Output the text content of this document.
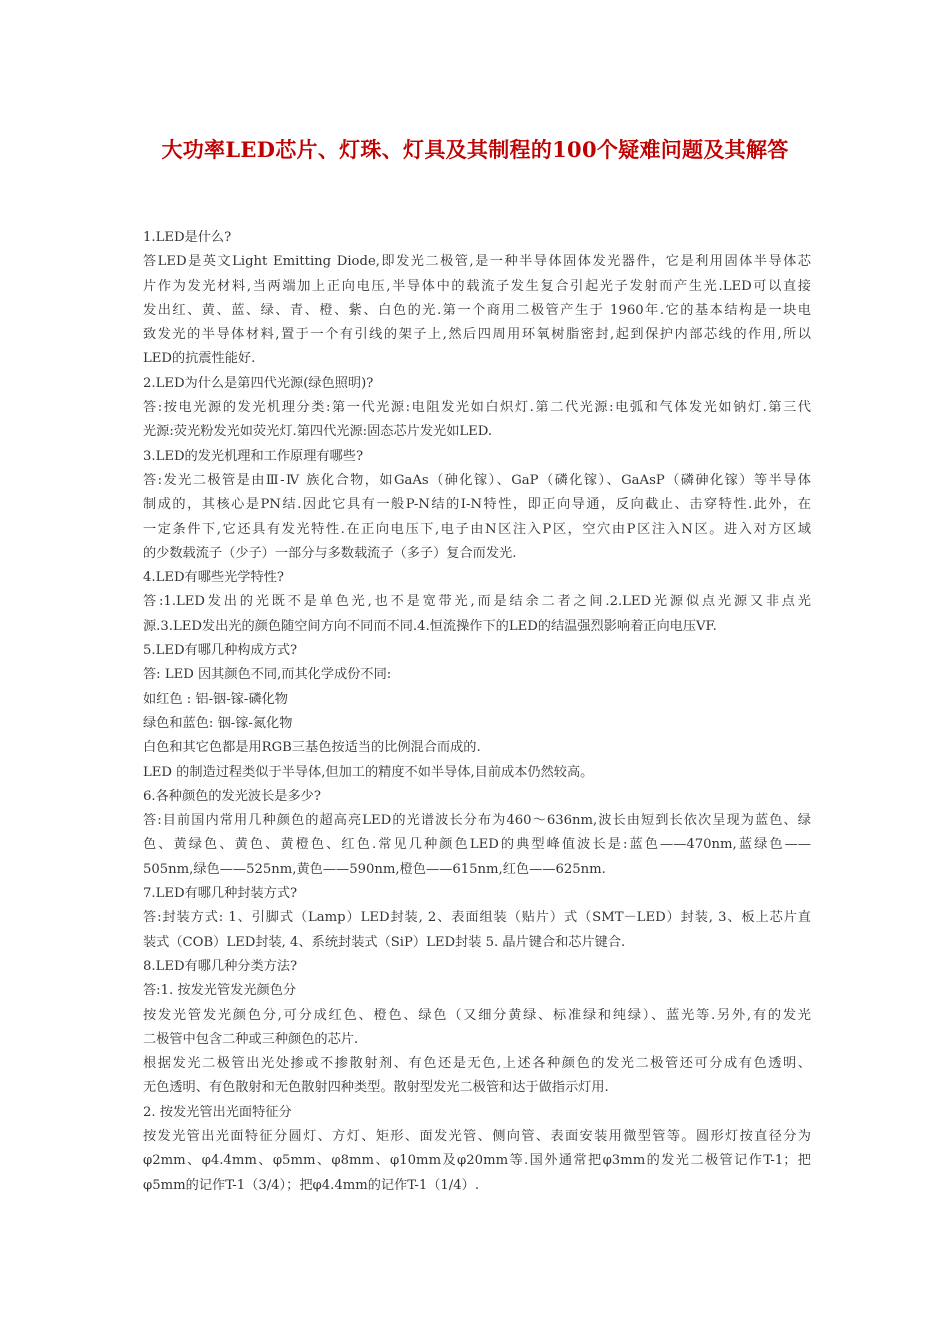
大功率LED芯片、灯珠、灯具及其制程的100个疑难问题及其解答
1.LED是什么?
答LED是英文Light Emitting Diode,即发光二极管,是一种半导体固体发光器件，它是利用固体半导体芯
片作为发光材料,当两端加上正向电压,半导体中的载流子发生复合引起光子发射而产生光.LED可以直接
发出红、黄、蓝、绿、青、橙、紫、白色的光.第一个商用二极管产生于 1960年.它的基本结构是一块电
致发光的半导体材料,置于一个有引线的架子上,然后四周用环氧树脂密封,起到保护内部芯线的作用,所以
LED的抗震性能好.
2.LED为什么是第四代光源(绿色照明)?
答:按电光源的发光机理分类:第一代光源:电阻发光如白炽灯.第二代光源:电弧和气体发光如钠灯.第三代
光源:荧光粉发光如荧光灯.第四代光源:固态芯片发光如LED.
3.LED的发光机理和工作原理有哪些?
答:发光二极管是由Ⅲ-Ⅳ 族化合物，如GaAs（砷化镓）、GaP（磷化镓）、GaAsP（磷砷化镓）等半导体
制成的，其核心是PN结.因此它具有一般P-N结的I-N特性，即正向导通，反向截止、击穿特性.此外，在
一定条件下,它还具有发光特性.在正向电压下,电子由N区注入P区，空穴由P区注入N区。进入对方区域
的少数载流子（少子）一部分与多数载流子（多子）复合而发光.
4.LED有哪些光学特性?
答:1.LED发出的光既不是单色光,也不是宽带光,而是结余二者之间.2.LED光源似点光源又非点光
源.3.LED发出光的颜色随空间方向不同而不同.4.恒流操作下的LED的结温强烈影响着正向电压VF.
5.LED有哪几种构成方式?
答: LED 因其颜色不同,而其化学成份不同:
如红色 : 铝-铟-镓-磷化物
绿色和蓝色: 铟-镓-氮化物
白色和其它色都是用RGB三基色按适当的比例混合而成的.
LED 的制造过程类似于半导体,但加工的精度不如半导体,目前成本仍然较高。
6.各种颜色的发光波长是多少?
答:目前国内常用几种颜色的超高亮LED的光谱波长分布为460～636nm,波长由短到长依次呈现为蓝色、绿
色、黄绿色、黄色、黄橙色、红色.常见几种颜色LED的典型峰值波长是:蓝色——470nm,蓝绿色——
505nm,绿色——525nm,黄色——590nm,橙色——615nm,红色——625nm.
7.LED有哪几种封装方式?
答:封装方式: 1、引脚式（Lamp）LED封装, 2、表面组装（贴片）式（SMT－LED）封装, 3、板上芯片直
装式（COB）LED封装, 4、系统封装式（SiP）LED封装 5. 晶片键合和芯片键合.
8.LED有哪几种分类方法?
答:1. 按发光管发光颜色分
按发光管发光颜色分,可分成红色、橙色、绿色（又细分黄绿、标准绿和纯绿）、蓝光等.另外,有的发光
二极管中包含二种或三种颜色的芯片.
根据发光二极管出光处掺或不掺散射剂、有色还是无色,上述各种颜色的发光二极管还可分成有色透明、
无色透明、有色散射和无色散射四种类型。散射型发光二极管和达于做指示灯用.
2. 按发光管出光面特征分
按发光管出光面特征分圆灯、方灯、矩形、面发光管、侧向管、表面安装用微型管等。圆形灯按直径分为
φ2mm、φ4.4mm、φ5mm、φ8mm、φ10mm及φ20mm等.国外通常把φ3mm的发光二极管记作T-1；把
φ5mm的记作T-1（3/4）；把φ4.4mm的记作T-1（1/4）.
